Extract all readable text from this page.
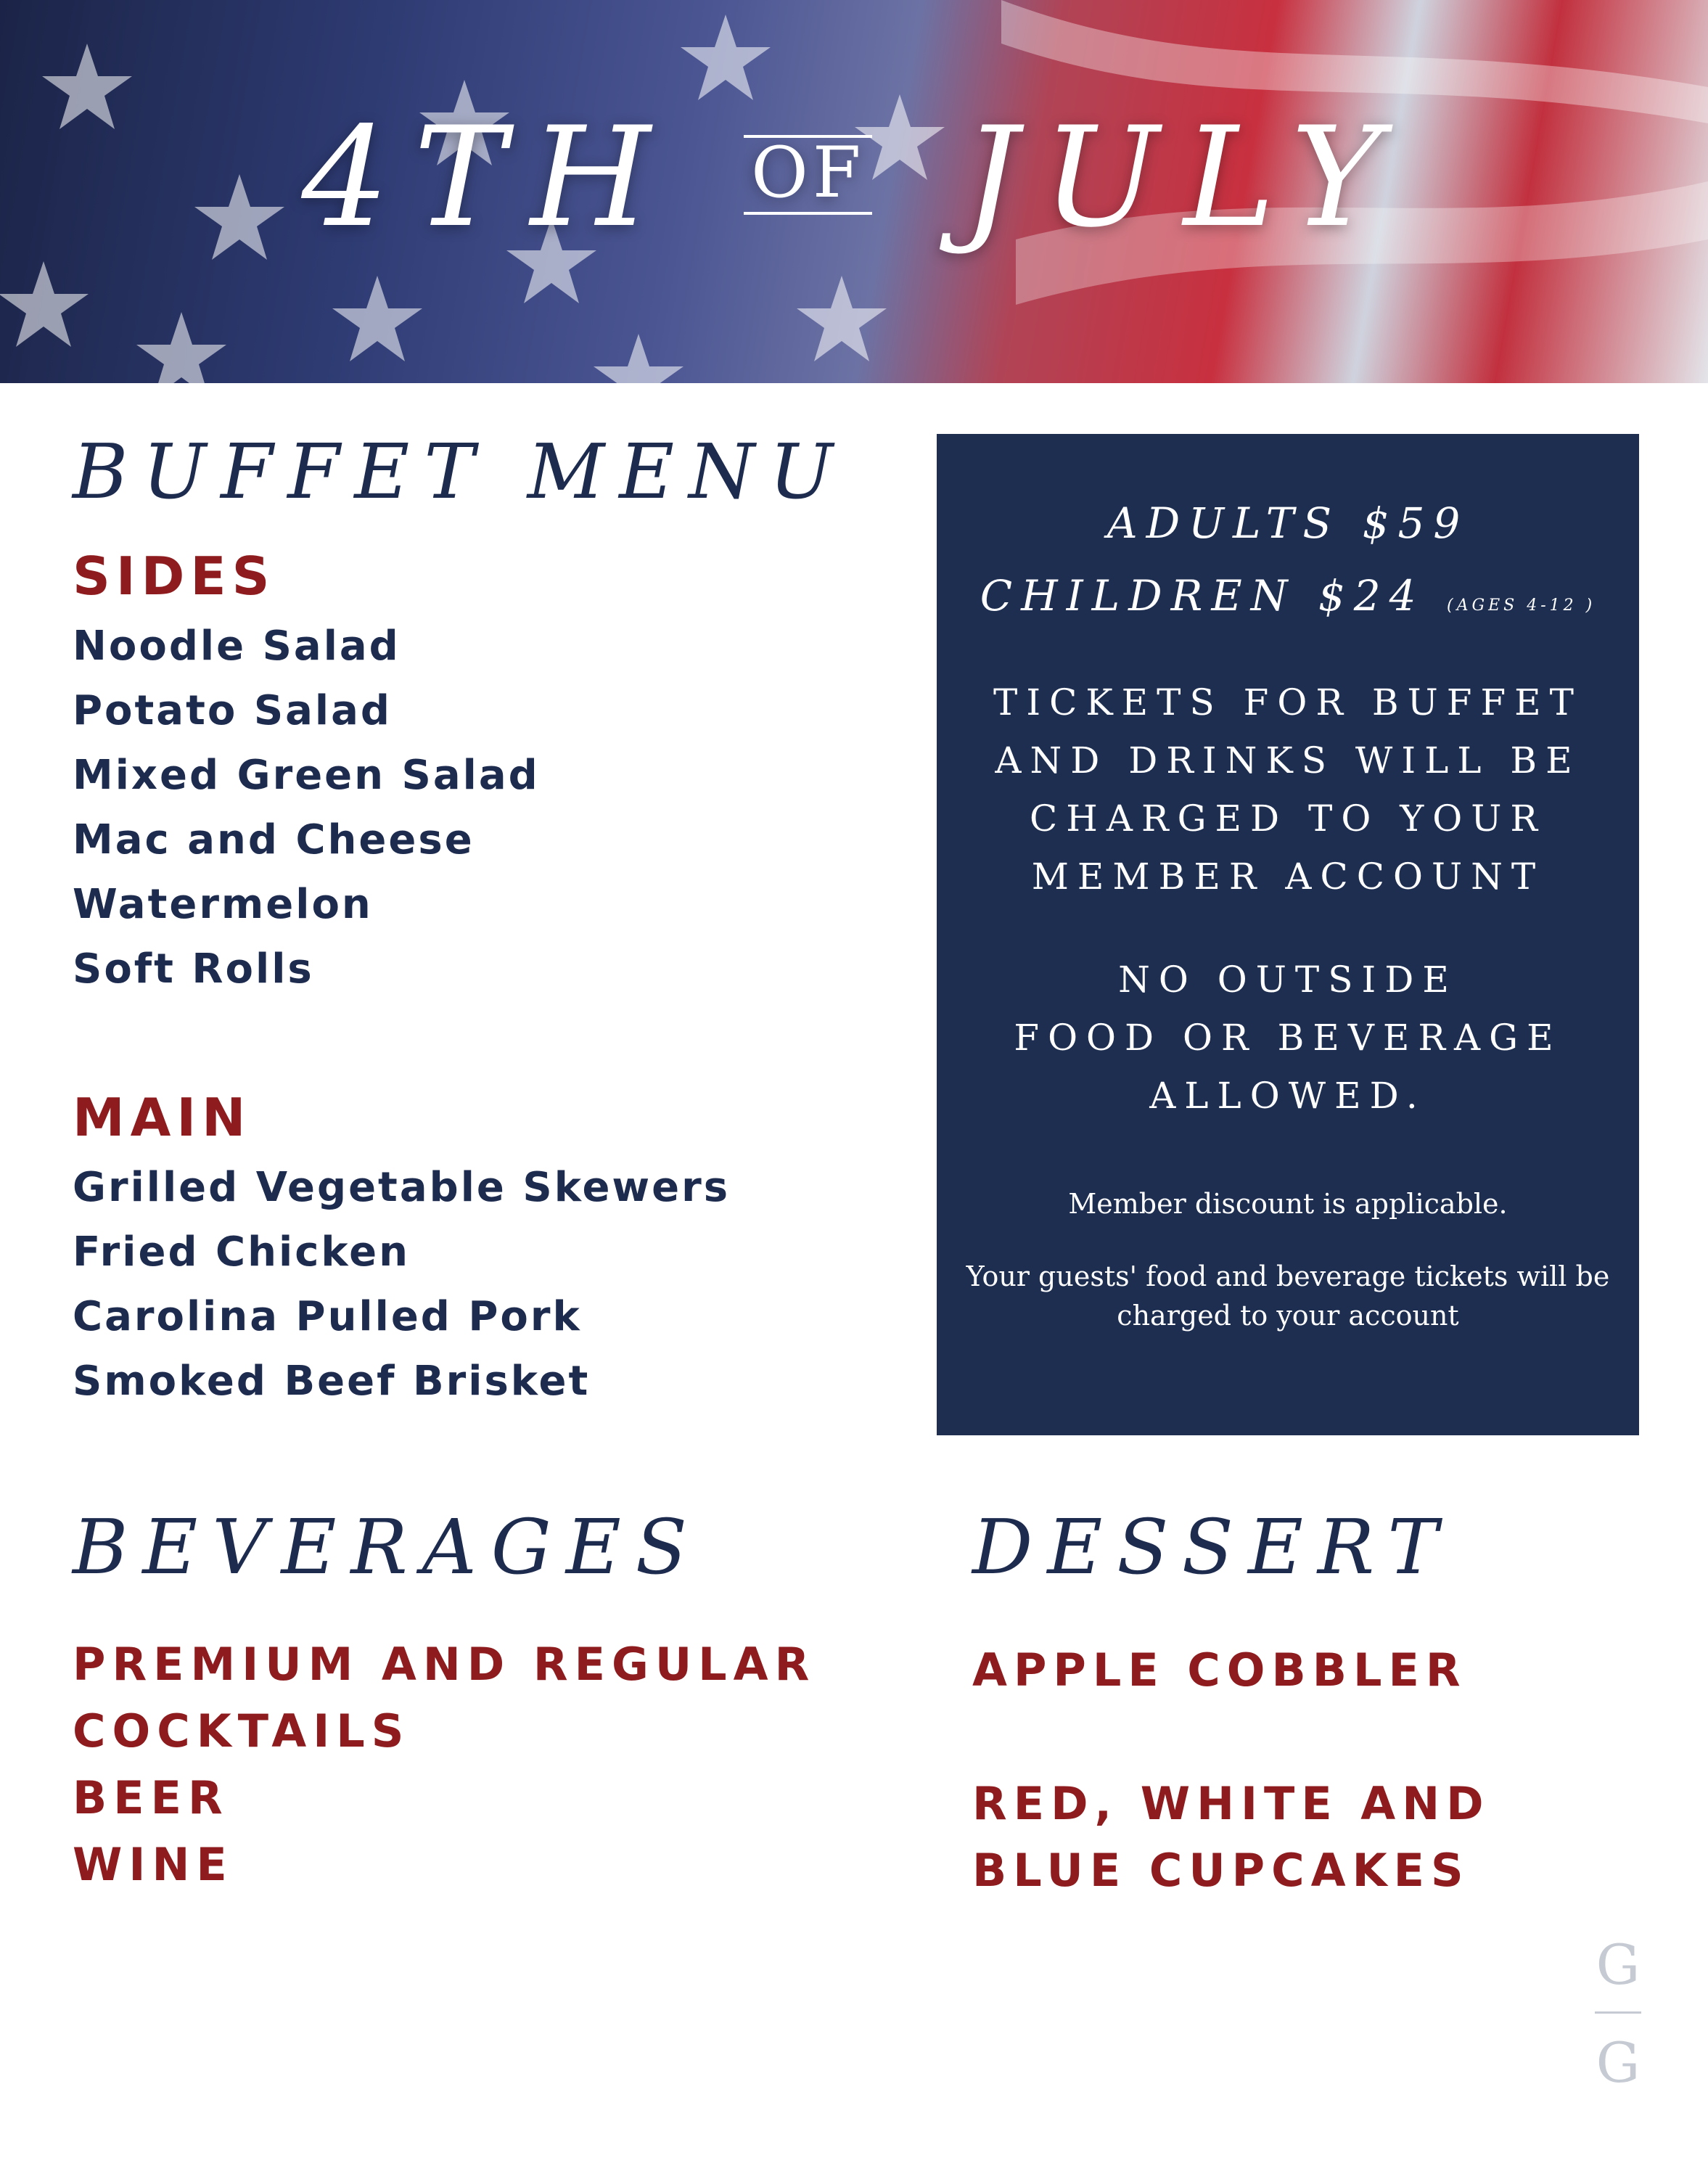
4TH OF JULY
BUFFET MENU
SIDES
Noodle Salad
Potato Salad
Mixed Green Salad
Mac and Cheese
Watermelon
Soft Rolls
MAIN
Grilled Vegetable Skewers
Fried Chicken
Carolina Pulled Pork
Smoked Beef Brisket
ADULTS $59
CHILDREN $24 (AGES 4-12 )
TICKETS FOR BUFFET
AND DRINKS WILL BE
CHARGED TO YOUR
MEMBER ACCOUNT
NO OUTSIDE
FOOD OR BEVERAGE
ALLOWED.
Member discount is applicable.
Your guests' food and beverage tickets will be
charged to your account
BEVERAGES
PREMIUM AND REGULAR
COCKTAILS
BEER
WINE
DESSERT
APPLE COBBLER
RED, WHITE AND
BLUE CUPCAKES
G
G
